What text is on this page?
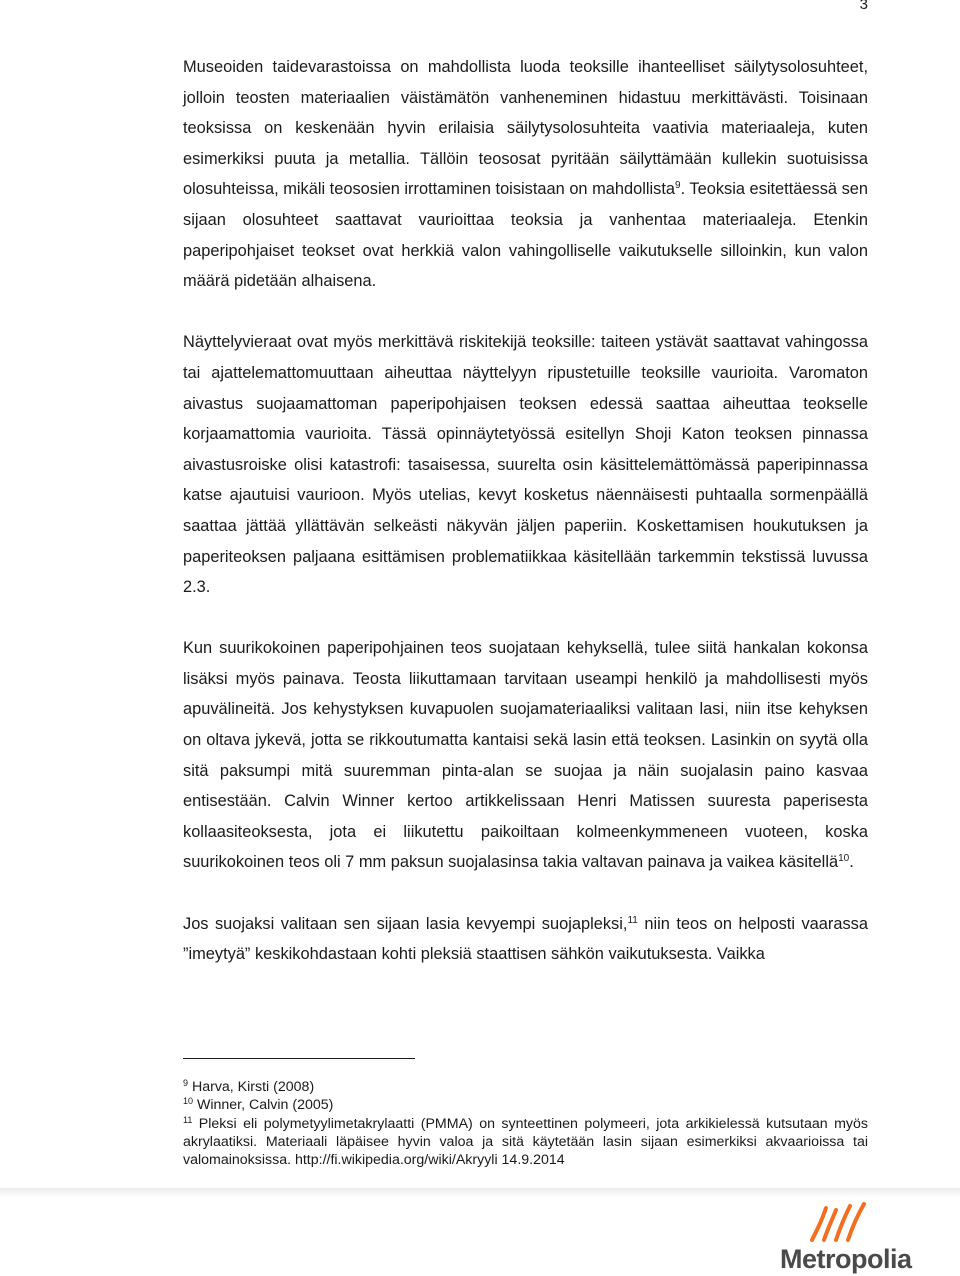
3

Museoiden taidevarastoissa on mahdollista luoda teoksille ihanteelliset säilytysolosuhteet, jolloin teosten materiaalien väistämätön vanheneminen hidastuu merkittävästi. Toisinaan teoksissa on keskenään hyvin erilaisia säilytysolosuhteita vaativia materiaaleja, kuten esimerkiksi puuta ja metallia. Tällöin teososat pyritään säilyttämään kullekin suotuisissa olosuhteissa, mikäli teososien irrottaminen toisistaan on mahdollista$^9$. Teoksia esitettäessä sen sijaan olosuhteet saattavat vaurioittaa teoksia ja vanhentaa materiaaleja. Etenkin paperipohjaiset teokset ovat herkkiä valon vahingolliselle vaikutukselle silloinkin, kun valon määrä pidetään alhaisena.

Näyttelyvieraat ovat myös merkittävä riskitekijä teoksille: taiteen ystävät saattavat vahingossa tai ajattelemattomuuttaan aiheuttaa näyttelyyn ripustetuille teoksille vaurioita. Varomaton aivastus suojaamattoman paperipohjaisen teoksen edessä saattaa aiheuttaa teokselle korjaamattomia vaurioita. Tässä opinnäytetyössä esitellyn Shoji Katon teoksen pinnassa aivastusroiske olisi katastrofi: tasaisessa, suurelta osin käsittelemättömässä paperipinnassa katse ajautuisi vaurioon. Myös utelias, kevyt kosketus näennäisesti puhtaalla sormenpäällä saattaa jättää yllättävän selkeästi näkyvän jäljen paperiin. Koskettamisen houkutuksen ja paperiteoksen paljaana esittämisen problematiikkaa käsitellään tarkemmin tekstissä luvussa 2.3.

Kun suurikokoinen paperipohjainen teos suojataan kehyksellä, tulee siitä hankalan kokonsa lisäksi myös painava. Teosta liikuttamaan tarvitaan useampi henkilö ja mahdollisesti myös apuvälineitä. Jos kehystyksen kuvapuolen suojamateriaaliksi valitaan lasi, niin itse kehyksen on oltava jykevä, jotta se rikkoutumatta kantaisi sekä lasin että teoksen. Lasinkin on syytä olla sitä paksumpi mitä suuremman pinta-alan se suojaa ja näin suojalasin paino kasvaa entisestään. Calvin Winner kertoo artikkelissaan Henri Matissen suuresta paperisesta kollaasiteoksesta, jota ei liikutettu paikoiltaan kolmeenkymmeneen vuoteen, koska suurikokoinen teos oli 7 mm paksun suojalasinsa takia valtavan painava ja vaikea käsitellä$^{10}$.

Jos suojaksi valitaan sen sijaan lasia kevyempi suojapleksi,$^{11}$ niin teos on helposti vaarassa ”imeytyä” keskikohdastaan kohti pleksiä staattisen sähkön vaikutuksesta. Vaikka

$^9$ Harva, Kirsti (2008)

$^{10}$ Winner, Calvin (2005)

$^{11}$ Pleksi eli polymetyylimetakrylaatti (PMMA) on synteettinen polymeeri, jota arkikielessä kutsutaan myös akrylaatiksi. Materiaali läpäisee hyvin valoa ja sitä käytetään lasin sijaan esimerkiksi akvaarioissa tai valomainoksissa. http://fi.wikipedia.org/wiki/Akryyli 14.9.2014

Metropolia
